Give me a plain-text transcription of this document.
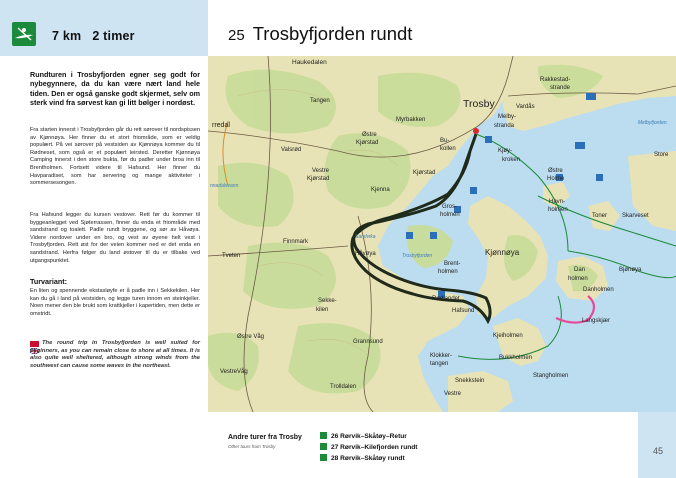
7 km 2 timer
Rundturen i Trosbyfjorden egner seg godt for nybegynnere, da du kan være nært land hele tiden. Den er også ganske godt skjermet, selv om sterk vind fra sørvest kan gi litt bølger i nordøst.
Fra starten innerst i Trosbyfjorden går du rett sørover til nordspissen av Kjønnøya. Her finner du et stort friområde, som er veldig populært. På vei sørover på vestsiden av Kjønnøya kommer du til Rødneset, som også er et populært leirsted. Deretter Kjønnøya Camping innerst i den store bukta, før du padler under broa inn til Brentholmen. Fortsett videre til Hafsund. Her finner du Havparadiset, som har servering og mange aktiviteter i sommersesongen.
Fra Hafsund legger du kursen vestover. Rett før du kommer til byggeanlegget ved Sjøterrassen, finner du enda et friområde med sandstrand og toalett. Padle rundt bryggene, og sør av Håvøya. Videre nordover under en bro, og vest av øyene helt vest i Trosbyfjorden. Rett øst for der veien kommer ned er det enda en sandstrand. Herfra følger du land østover til du er tilbake ved utgangspunktet.
Turvariant:
En liten og spennende ekstasløyfe er å padle inn i Sekkekilen. Her kan du gå i land på vestsiden, og legge turen innom en steinkjeller. Noen mener den ble brukt som krattkjeller i kapertiden, men dette er omstridt.
The round trip in Trosbyfjorden is well suited for beginners, as you can remain close to shore at all times. It is also quite well sheltered, although strong winds from the southwest can cause some waves in the northeast.
25 Trosbyfjorden rundt
Haukedalen
Tangen
Rakkestad-
strande
Trosby	Vardås
Melby-
stranda
Myrbakken
Østre
Kjørstad
Valsrød
Vestre
Kjørstad
Kjørstad
Kjenna
Bu-
kollen	Kjøy-
kroken
Østre
Holme
Havn-
holmen
Store
Toner Skarveset
Gros-
holmen
Sandvika
Finnmark
Håvøya	Trosbyfjorden	Kjønnøya
Brent-
holmen
Tveten
Dan
holmen
Bjønøya
Danholmen
Langskjær
Sekke-
kilen
Rødlandet
Hafsund
Grannsund
Østre Våg
VestreVåg
Kjeiholmen
Klokker-
tangen
Bukkholmen
Stangholmen
Snekkstein
Trolldalen
Vestre
rredal
nnadalsvann
Melbyfjorden
Andre turer fra Trosby
Other tours from Trosby
26 Rørvik–Skåtøy–Retur
27 Rørvik–Kilefjorden rundt
28 Rørvik–Skåtøy rundt
45
